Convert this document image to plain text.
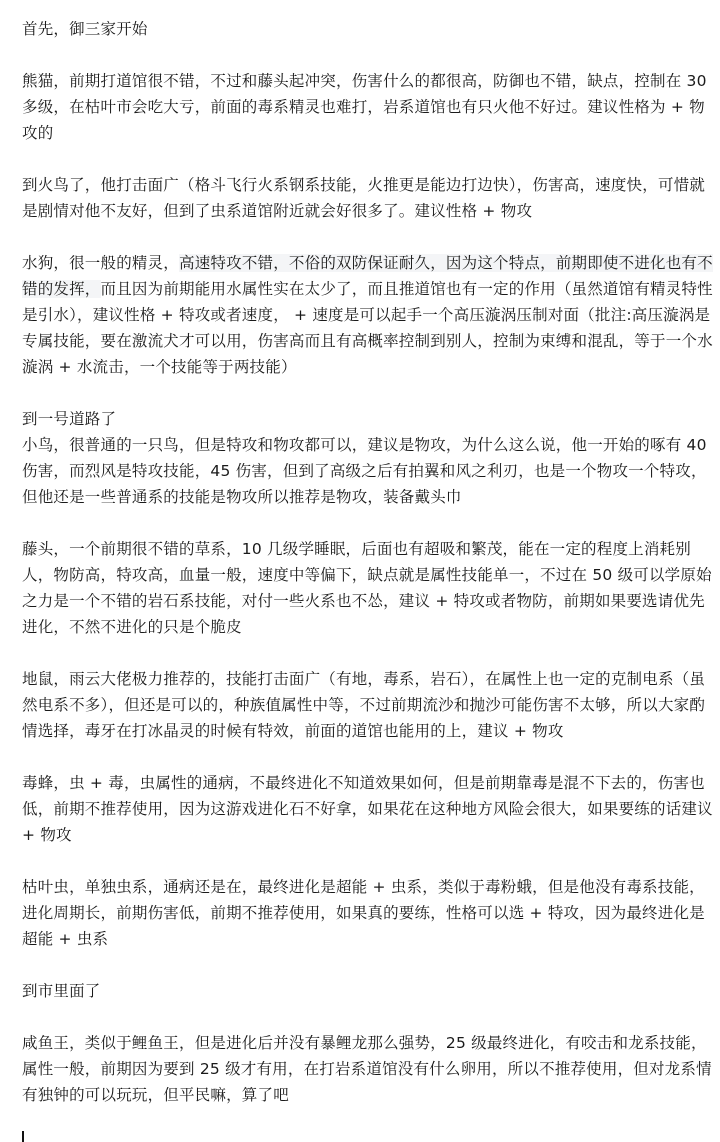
首先，御三家开始

熊猫，前期打道馆很不错，不过和藤头起冲突，伤害什么的都很高，防御也不错，缺点，控制在 30 多级，在枯叶市会吃大亏，前面的毒系精灵也难打，岩系道馆也有只火他不好过。建议性格为 + 物攻的

到火鸟了，他打击面广（格斗飞行火系钢系技能，火推更是能边打边快），伤害高，速度快，可惜就是剧情对他不友好，但到了虫系道馆附近就会好很多了。建议性格 + 物攻

水狗，很一般的精灵，高速特攻不错，不俗的双防保证耐久，因为这个特点，前期即使不进化也有不错的发挥，而且因为前期能用水属性实在太少了，而且推道馆也有一定的作用（虽然道馆有精灵特性是引水），建议性格 + 特攻或者速度， + 速度是可以起手一个高压漩涡压制对面（批注:高压漩涡是专属技能，要在激流犬才可以用，伤害高而且有高概率控制到别人，控制为束缚和混乱，等于一个水漩涡 + 水流击，一个技能等于两技能）

到一号道路了

小鸟，很普通的一只鸟，但是特攻和物攻都可以，建议是物攻，为什么这么说，他一开始的啄有 40 伤害，而烈风是特攻技能，45 伤害，但到了高级之后有拍翼和风之利刃，也是一个物攻一个特攻，但他还是一些普通系的技能是物攻所以推荐是物攻，装备戴头巾

藤头，一个前期很不错的草系，10 几级学睡眠，后面也有超吸和繁茂，能在一定的程度上消耗别人，物防高，特攻高，血量一般，速度中等偏下，缺点就是属性技能单一，不过在 50 级可以学原始之力是一个不错的岩石系技能，对付一些火系也不怂，建议 + 特攻或者物防，前期如果要选请优先进化，不然不进化的只是个脆皮

地鼠，雨云大佬极力推荐的，技能打击面广（有地，毒系，岩石），在属性上也一定的克制电系（虽然电系不多），但还是可以的，种族值属性中等，不过前期流沙和抛沙可能伤害不太够，所以大家酌情选择，毒牙在打冰晶灵的时候有特效，前面的道馆也能用的上，建议 + 物攻

毒蜂，虫 + 毒，虫属性的通病，不最终进化不知道效果如何，但是前期靠毒是混不下去的，伤害也低，前期不推荐使用，因为这游戏进化石不好拿，如果花在这种地方风险会很大，如果要练的话建议 + 物攻

枯叶虫，单独虫系，通病还是在，最终进化是超能 + 虫系，类似于毒粉蛾，但是他没有毒系技能，进化周期长，前期伤害低，前期不推荐使用，如果真的要练，性格可以选 + 特攻，因为最终进化是超能 + 虫系

到市里面了

咸鱼王，类似于鲤鱼王，但是进化后并没有暴鲤龙那么强势，25 级最终进化，有咬击和龙系技能，属性一般，前期因为要到 25 级才有用，在打岩系道馆没有什么卵用，所以不推荐使用，但对龙系情有独钟的可以玩玩，但平民嘛，算了吧
